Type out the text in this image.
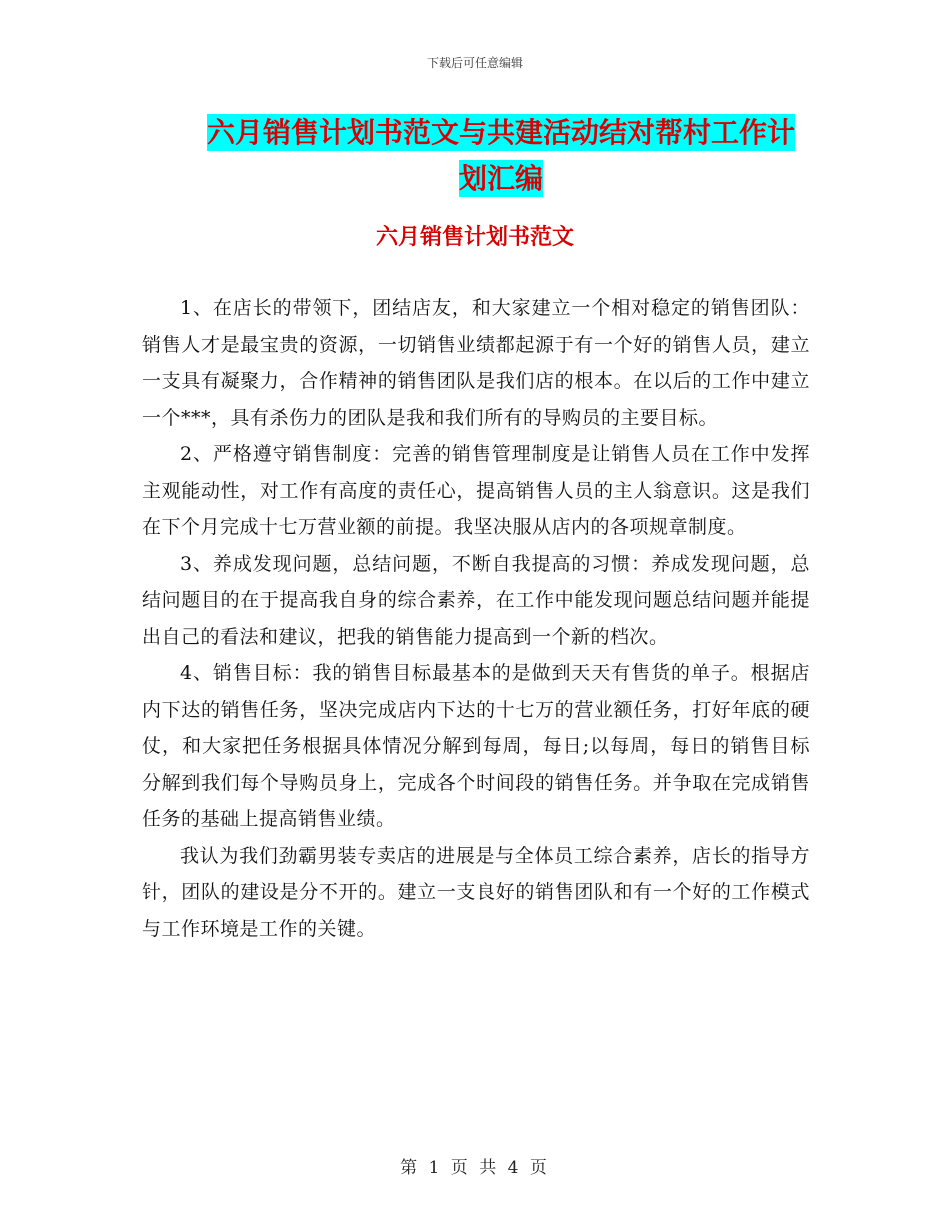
下载后可任意编辑
六月销售计划书范文与共建活动结对帮村工作计划汇编
六月销售计划书范文

1、在店长的带领下，团结店友，和大家建立一个相对稳定的销售团队：销售人才是最宝贵的资源，一切销售业绩都起源于有一个好的销售人员，建立一支具有凝聚力，合作精神的销售团队是我们店的根本。在以后的工作中建立一个***，具有杀伤力的团队是我和我们所有的导购员的主要目标。

2、严格遵守销售制度：完善的销售管理制度是让销售人员在工作中发挥主观能动性，对工作有高度的责任心，提高销售人员的主人翁意识。这是我们在下个月完成十七万营业额的前提。我坚决服从店内的各项规章制度。

3、养成发现问题，总结问题，不断自我提高的习惯：养成发现问题，总结问题目的在于提高我自身的综合素养，在工作中能发现问题总结问题并能提出自己的看法和建议，把我的销售能力提高到一个新的档次。

4、销售目标：我的销售目标最基本的是做到天天有售货的单子。根据店内下达的销售任务，坚决完成店内下达的十七万的营业额任务，打好年底的硬仗，和大家把任务根据具体情况分解到每周，每日;以每周，每日的销售目标分解到我们每个导购员身上，完成各个时间段的销售任务。并争取在完成销售任务的基础上提高销售业绩。

我认为我们劲霸男装专卖店的进展是与全体员工综合素养，店长的指导方针，团队的建设是分不开的。建立一支良好的销售团队和有一个好的工作模式与工作环境是工作的关键。

第 1 页 共 4 页
